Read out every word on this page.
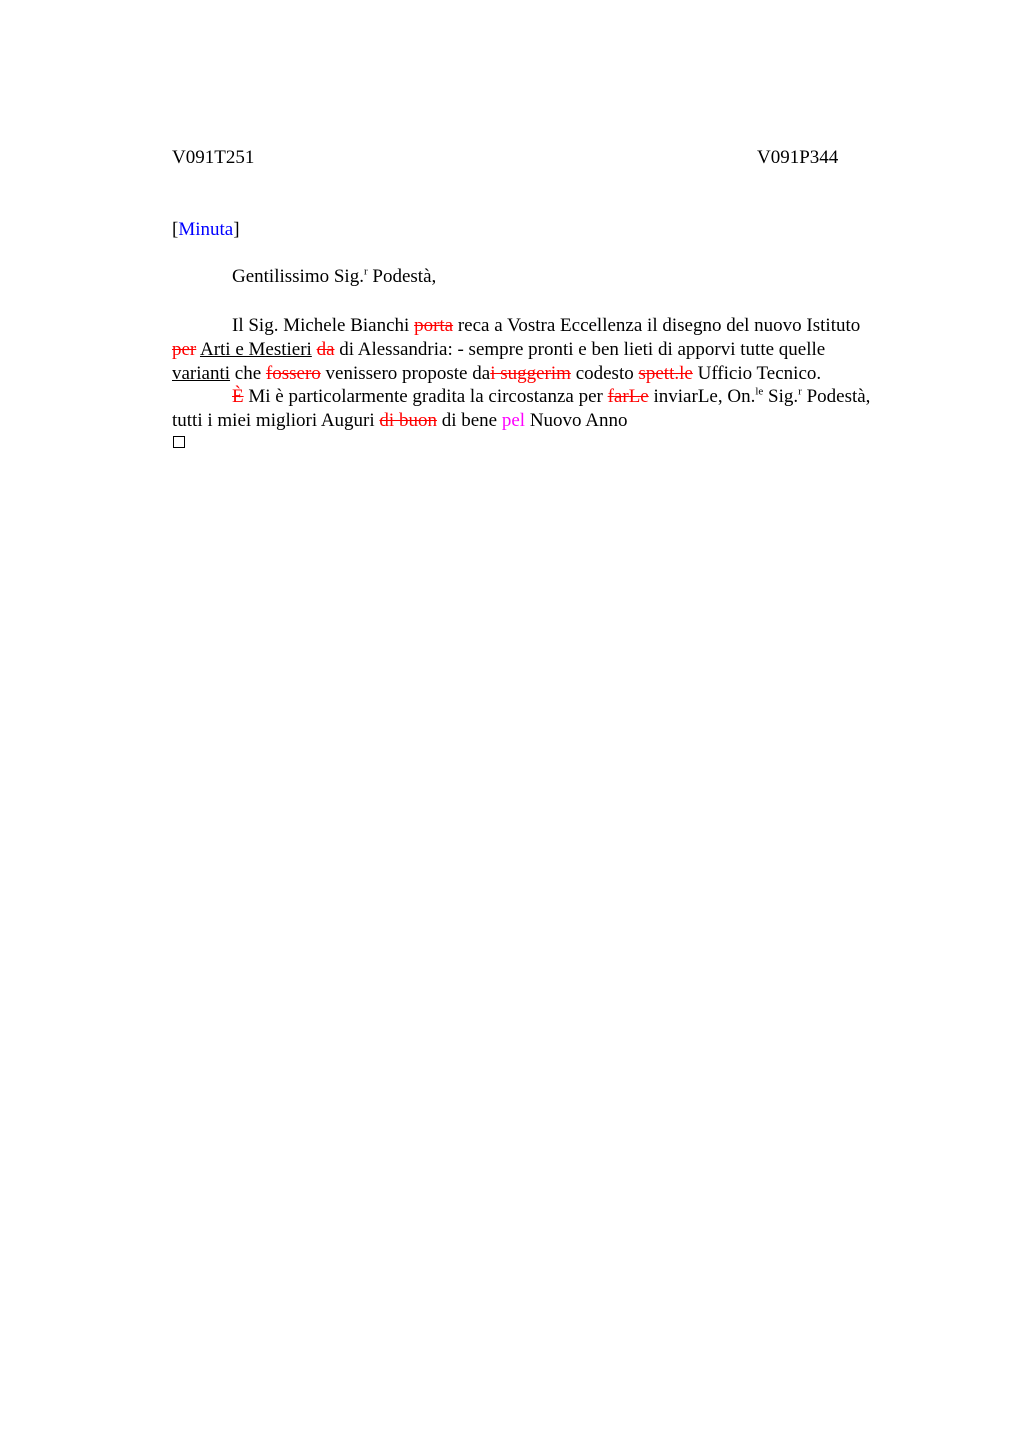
V091T251	V091P344
[Minuta]
Gentilissimo Sig.$^r$ Podestà,
Il Sig. Michele Bianchi porta reca a Vostra Eccellenza il disegno del nuovo Istituto
per Arti e Mestieri da di Alessandria: - sempre pronti e ben lieti di apporvi tutte quelle
varianti che fossero venissero proposte dai suggerim codesto spett.le Ufficio Tecnico.
È Mi è particolarmente gradita la circostanza per farLe inviarLe, On.$^{le}$ Sig.$^r$ Podestà,
tutti i miei migliori Auguri di buon di bene pel Nuovo Anno
